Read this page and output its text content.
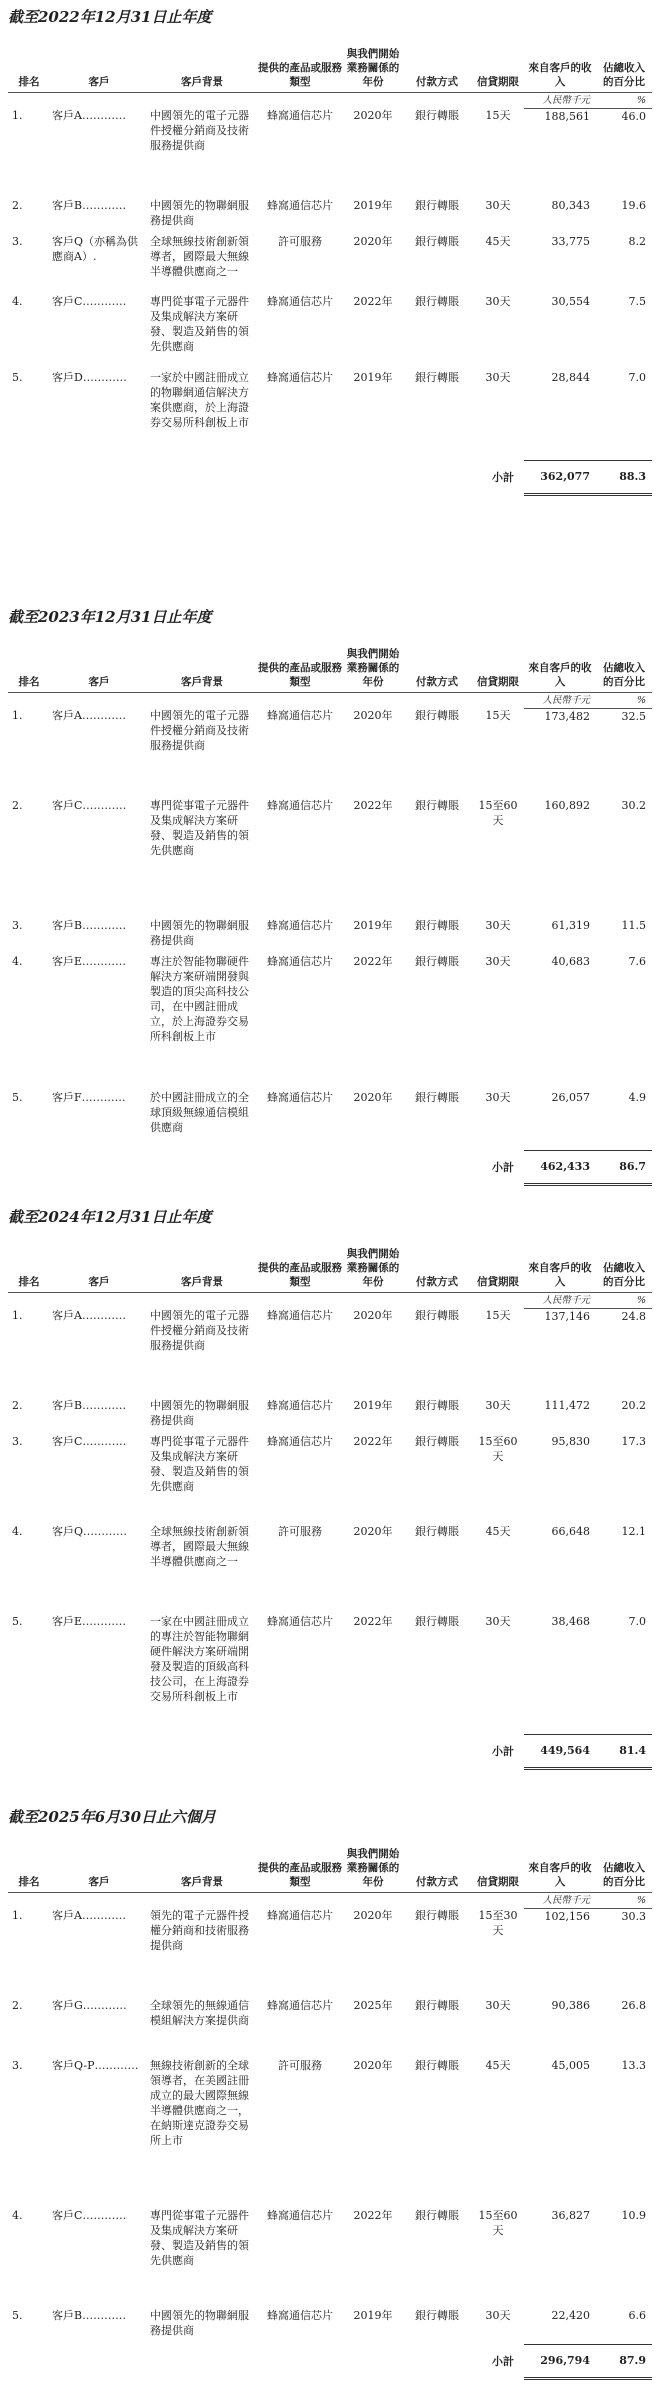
截至2022年12月31日止年度
排名	客戶	客戶背景	提供的產品或服務類型	與我們開始業務關係的年份	付款方式	信貸期限	來自客戶的收入	佔總收入的百分比
							人民幣千元	%
1.	客戶A…………	中國領先的電子元器件授權分銷商及技術服務提供商	蜂窩通信芯片	2020年	銀行轉賬	15天	188,561	46.0
2.	客戶B…………	中國領先的物聯網服務提供商	蜂窩通信芯片	2019年	銀行轉賬	30天	80,343	19.6
3.	客戶Q（亦稱為供應商A）.	全球無線技術創新領導者，國際最大無線半導體供應商之一	許可服務	2020年	銀行轉賬	45天	33,775	8.2
4.	客戶C…………	專門從事電子元器件及集成解決方案研發、製造及銷售的領先供應商	蜂窩通信芯片	2022年	銀行轉賬	30天	30,554	7.5
5.	客戶D…………	一家於中國註冊成立的物聯網通信解決方案供應商，於上海證券交易所科創板上市	蜂窩通信芯片	2019年	銀行轉賬	30天	28,844	7.0
						小計	362,077	88.3
截至2023年12月31日止年度
排名	客戶	客戶背景	提供的產品或服務類型	與我們開始業務關係的年份	付款方式	信貸期限	來自客戶的收入	佔總收入的百分比
							人民幣千元	%
1.	客戶A…………	中國領先的電子元器件授權分銷商及技術服務提供商	蜂窩通信芯片	2020年	銀行轉賬	15天	173,482	32.5
2.	客戶C…………	專門從事電子元器件及集成解決方案研發、製造及銷售的領先供應商	蜂窩通信芯片	2022年	銀行轉賬	15至60天	160,892	30.2
3.	客戶B…………	中國領先的物聯網服務提供商	蜂窩通信芯片	2019年	銀行轉賬	30天	61,319	11.5
4.	客戶E…………	專注於智能物聯硬件解決方案研端開發與製造的頂尖高科技公司，在中國註冊成立，於上海證券交易所科創板上市	蜂窩通信芯片	2022年	銀行轉賬	30天	40,683	7.6
5.	客戶F…………	於中國註冊成立的全球頂級無線通信模組供應商	蜂窩通信芯片	2020年	銀行轉賬	30天	26,057	4.9
						小計	462,433	86.7
截至2024年12月31日止年度
排名	客戶	客戶背景	提供的產品或服務類型	與我們開始業務關係的年份	付款方式	信貸期限	來自客戶的收入	佔總收入的百分比
							人民幣千元	%
1.	客戶A…………	中國領先的電子元器件授權分銷商及技術服務提供商	蜂窩通信芯片	2020年	銀行轉賬	15天	137,146	24.8
2.	客戶B…………	中國領先的物聯網服務提供商	蜂窩通信芯片	2019年	銀行轉賬	30天	111,472	20.2
3.	客戶C…………	專門從事電子元器件及集成解決方案研發、製造及銷售的領先供應商	蜂窩通信芯片	2022年	銀行轉賬	15至60天	95,830	17.3
4.	客戶Q…………	全球無線技術創新領導者，國際最大無線半導體供應商之一	許可服務	2020年	銀行轉賬	45天	66,648	12.1
5.	客戶E…………	一家在中國註冊成立的專注於智能物聯網硬件解決方案研端開發及製造的頂級高科技公司，在上海證券交易所科創板上市	蜂窩通信芯片	2022年	銀行轉賬	30天	38,468	7.0
						小計	449,564	81.4
截至2025年6月30日止六個月
排名	客戶	客戶背景	提供的產品或服務類型	與我們開始業務關係的年份	付款方式	信貸期限	來自客戶的收入	佔總收入的百分比
							人民幣千元	%
1.	客戶A…………	領先的電子元器件授權分銷商和技術服務提供商	蜂窩通信芯片	2020年	銀行轉賬	15至30天	102,156	30.3
2.	客戶G…………	全球領先的無線通信模組解決方案提供商	蜂窩通信芯片	2025年	銀行轉賬	30天	90,386	26.8
3.	客戶Q-P…………	無線技術創新的全球領導者，在美國註冊成立的最大國際無線半導體供應商之一，在納斯達克證券交易所上市	許可服務	2020年	銀行轉賬	45天	45,005	13.3
4.	客戶C…………	專門從事電子元器件及集成解決方案研發、製造及銷售的領先供應商	蜂窩通信芯片	2022年	銀行轉賬	15至60天	36,827	10.9
5.	客戶B…………	中國領先的物聯網服務提供商	蜂窩通信芯片	2019年	銀行轉賬	30天	22,420	6.6
						小計	296,794	87.9
